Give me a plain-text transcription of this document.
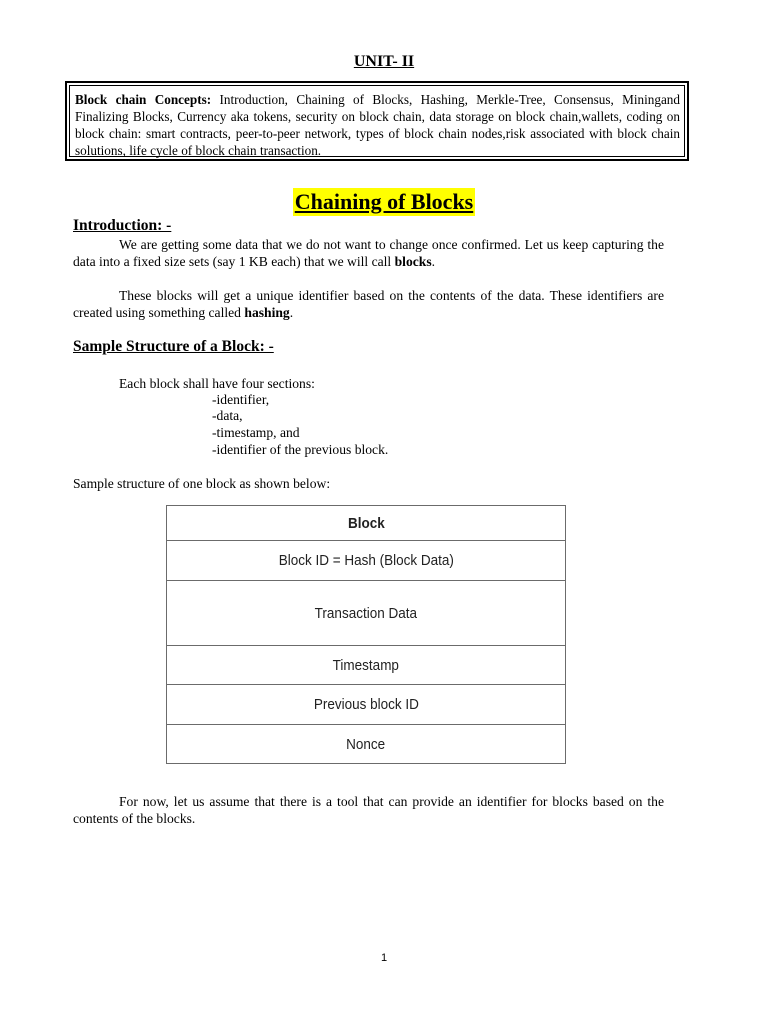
UNIT- II
Block chain Concepts: Introduction, Chaining of Blocks, Hashing, Merkle-Tree, Consensus, Miningand Finalizing Blocks, Currency aka tokens, security on block chain, data storage on block chain,wallets, coding on block chain: smart contracts, peer-to-peer network, types of block chain nodes,risk associated with block chain solutions, life cycle of block chain transaction.
Chaining of Blocks
Introduction: -
We are getting some data that we do not want to change once confirmed. Let us keep capturing the data into a fixed size sets (say 1 KB each) that we will call blocks.
These blocks will get a unique identifier based on the contents of the data. These identifiers are created using something called hashing.
Sample Structure of a Block: -
Each block shall have four sections:
-identifier,
-data,
-timestamp, and
-identifier of the previous block.
Sample structure of one block as shown below:
Block
Block ID = Hash (Block Data)
Transaction Data
Timestamp
Previous block ID
Nonce
For now, let us assume that there is a tool that can provide an identifier for blocks based on the contents of the blocks.
1
